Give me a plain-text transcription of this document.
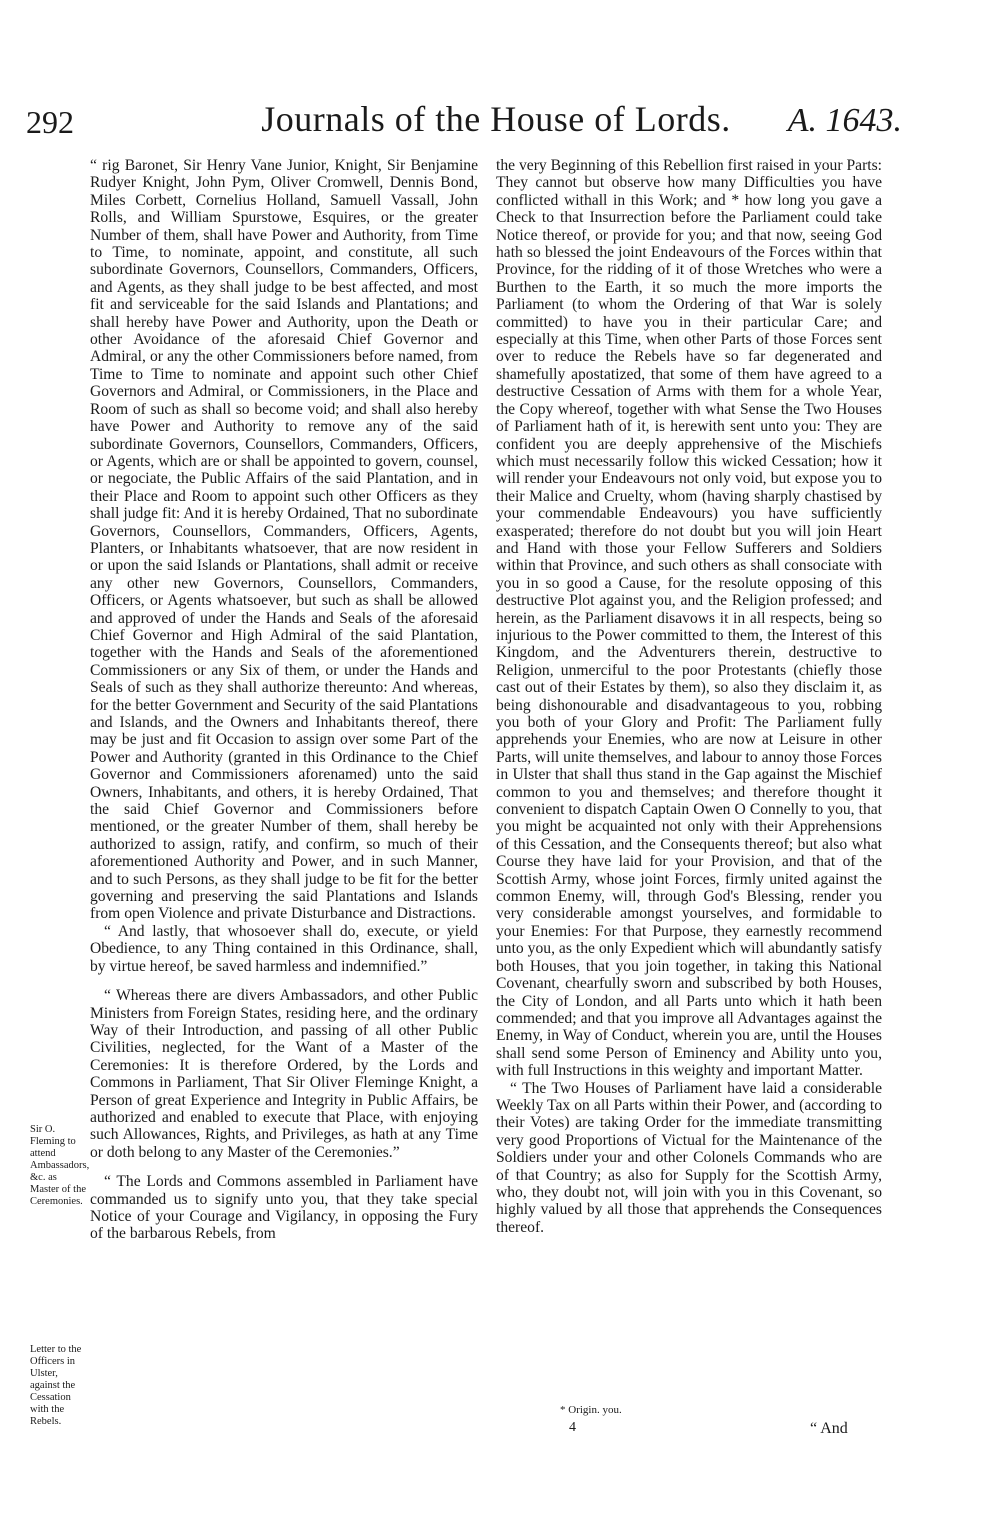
292	Journals of the House of Lords.	A. 1643.

“ rig Baronet, Sir Henry Vane Junior, Knight, Sir Benjamine Rudyer Knight, John Pym, Oliver Cromwell, Dennis Bond, Miles Corbett, Cornelius Holland, Samuell Vassall, John Rolls, and William Spurstowe, Esquires, or the greater Number of them, shall have Power and Authority, from Time to Time, to nominate, appoint, and constitute, all such subordinate Governors, Counsellors, Commanders, Officers, and Agents, as they shall judge to be best affected, and most fit and serviceable for the said Islands and Plantations; and shall hereby have Power and Authority, upon the Death or other Avoidance of the aforesaid Chief Governor and Admiral, or any the other Commissioners before named, from Time to Time to nominate and appoint such other Chief Governors and Admiral, or Commissioners, in the Place and Room of such as shall so become void; and shall also hereby have Power and Authority to remove any of the said subordinate Governors, Counsellors, Commanders, Officers, or Agents, which are or shall be appointed to govern, counsel, or negociate, the Public Affairs of the said Plantation, and in their Place and Room to appoint such other Officers as they shall judge fit: And it is hereby Ordained, That no subordinate Governors, Counsellors, Commanders, Officers, Agents, Planters, or Inhabitants whatsoever, that are now resident in or upon the said Islands or Plantations, shall admit or receive any other new Governors, Counsellors, Commanders, Officers, or Agents whatsoever, but such as shall be allowed and approved of under the Hands and Seals of the aforesaid Chief Governor and High Admiral of the said Plantation, together with the Hands and Seals of the aforementioned Commissioners or any Six of them, or under the Hands and Seals of such as they shall authorize thereunto: And whereas, for the better Government and Security of the said Plantations and Islands, and the Owners and Inhabitants thereof, there may be just and fit Occasion to assign over some Part of the Power and Authority (granted in this Ordinance to the Chief Governor and Commissioners aforenamed) unto the said Owners, Inhabitants, and others, it is hereby Ordained, That the said Chief Governor and Commissioners before mentioned, or the greater Number of them, shall hereby be authorized to assign, ratify, and confirm, so much of their aforementioned Authority and Power, and in such Manner, and to such Persons, as they shall judge to be fit for the better governing and preserving the said Plantations and Islands from open Violence and private Disturbance and Distractions.

“ And lastly, that whosoever shall do, execute, or yield Obedience, to any Thing contained in this Ordinance, shall, by virtue hereof, be saved harmless and indemnified.”

“ Whereas there are divers Ambassadors, and other Public Ministers from Foreign States, residing here, and the ordinary Way of their Introduction, and passing of all other Public Civilities, neglected, for the Want of a Master of the Ceremonies: It is therefore Ordered, by the Lords and Commons in Parliament, That Sir Oliver Fleminge Knight, a Person of great Experience and Integrity in Public Affairs, be authorized and enabled to execute that Place, with enjoying such Allowances, Rights, and Privileges, as hath at any Time or doth belong to any Master of the Ceremonies.”

“ The Lords and Commons assembled in Parliament have commanded us to signify unto you, that they take special Notice of your Courage and Vigilancy, in opposing the Fury of the barbarous Rebels, from

the very Beginning of this Rebellion first raised in your Parts: They cannot but observe how many Difficulties you have conflicted withall in this Work; and * how long you gave a Check to that Insurrection before the Parliament could take Notice thereof, or provide for you; and that now, seeing God hath so blessed the joint Endeavours of the Forces within that Province, for the ridding of it of those Wretches who were a Burthen to the Earth, it so much the more imports the Parliament (to whom the Ordering of that War is solely committed) to have you in their particular Care; and especially at this Time, when other Parts of those Forces sent over to reduce the Rebels have so far degenerated and shamefully apostatized, that some of them have agreed to a destructive Cessation of Arms with them for a whole Year, the Copy whereof, together with what Sense the Two Houses of Parliament hath of it, is herewith sent unto you: They are confident you are deeply apprehensive of the Mischiefs which must necessarily follow this wicked Cessation; how it will render your Endeavours not only void, but expose you to their Malice and Cruelty, whom (having sharply chastised by your commendable Endeavours) you have sufficiently exasperated; therefore do not doubt but you will join Heart and Hand with those your Fellow Sufferers and Soldiers within that Province, and such others as shall consociate with you in so good a Cause, for the resolute opposing of this destructive Plot against you, and the Religion professed; and herein, as the Parliament disavows it in all respects, being so injurious to the Power committed to them, the Interest of this Kingdom, and the Adventurers therein, destructive to Religion, unmerciful to the poor Protestants (chiefly those cast out of their Estates by them), so also they disclaim it, as being dishonourable and disadvantageous to you, robbing you both of your Glory and Profit: The Parliament fully apprehends your Enemies, who are now at Leisure in other Parts, will unite themselves, and labour to annoy those Forces in Ulster that shall thus stand in the Gap against the Mischief common to you and themselves; and therefore thought it convenient to dispatch Captain Owen O Connelly to you, that you might be acquainted not only with their Apprehensions of this Cessation, and the Consequents thereof; but also what Course they have laid for your Provision, and that of the Scottish Army, whose joint Forces, firmly united against the common Enemy, will, through God's Blessing, render you very considerable amongst yourselves, and formidable to your Enemies: For that Purpose, they earnestly recommend unto you, as the only Expedient which will abundantly satisfy both Houses, that you join together, in taking this National Covenant, chearfully sworn and subscribed by both Houses, the City of London, and all Parts unto which it hath been commended; and that you improve all Advantages against the Enemy, in Way of Conduct, wherein you are, until the Houses shall send some Person of Eminency and Ability unto you, with full Instructions in this weighty and important Matter.

“ The Two Houses of Parliament have laid a considerable Weekly Tax on all Parts within their Power, and (according to their Votes) are taking Order for the immediate transmitting very good Proportions of Victual for the Maintenance of the Soldiers under your and other Colonels Commands who are of that Country; as also for Supply for the Scottish Army, who, they doubt not, will join with you in this Covenant, so highly valued by all those that apprehends the Consequences thereof.

Sir O. Fleming to attend Ambassadors, &c. as Master of the Ceremonies.
Letter to the Officers in Ulster, against the Cessation with the Rebels.
* Origin. you.
4	“ And
